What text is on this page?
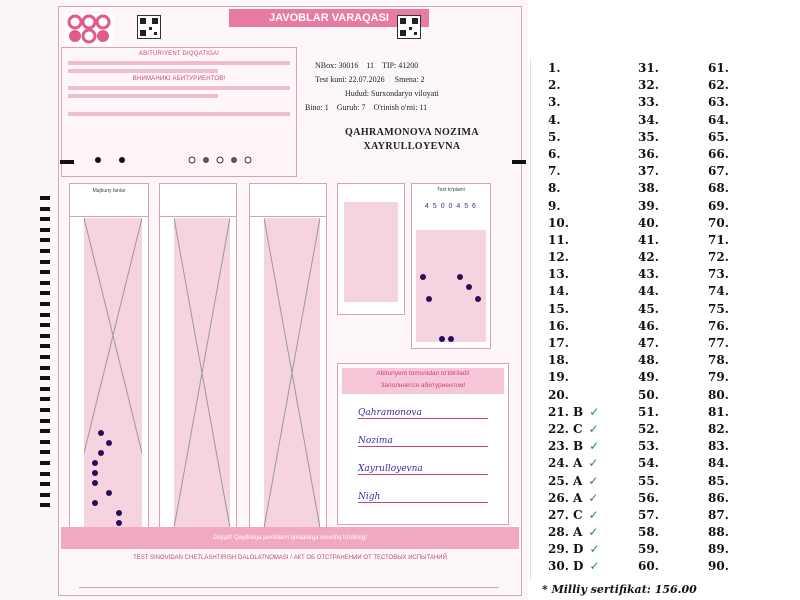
JAVOBLAR VARAQASI
ABITURIYENT DIQQATIGA!
ВНИМАНИЮ АБИТУРИЕНТОВ!
NBox: 30016 11 TIP: 41200
Test kuni: 22.07.2026 Smena: 2
Hudud: Surxondaryo viloyati
Bino: 1 Guruh: 7 O'rinish o'rni: 11
QAHRAMONOVA NOZIMA
XAYRULLOYEVNA
Majburiy fanlar	Test to'plami
4 5 0 0 4 5 6
Abituriyent tomonidan to'ldiriladi!
Заполняется абитуриентом!
Qahramonova
Nozima
Xayrulloyevna
Nigh
Diqqat! Qaydlarga javoblarni qoidalarga muvofiq to'ldiring!
TEST SINOVIDAN CHETLASHTIRISH DALOLATNOMASI / АКТ ОБ ОТСТРАНЕНИИ ОТ ТЕСТОВЫХ ИСПЫТАНИЙ
1.
2.
3.
4.
5.
6.
7.
8.
9.
10.
11.
12.
13.
14.
15.
16.
17.
18.
19.
20.
21. B ✓
22. C ✓
23. B ✓
24. A ✓
25. A ✓
26. A ✓
27. C ✓
28. A ✓
29. D ✓
30. D ✓
31.
32.
33.
34.
35.
36.
37.
38.
39.
40.
41.
42.
43.
44.
45.
46.
47.
48.
49.
50.
51.
52.
53.
54.
55.
56.
57.
58.
59.
60.
61.
62.
63.
64.
65.
66.
67.
68.
69.
70.
71.
72.
73.
74.
75.
76.
77.
78.
79.
80.
81.
82.
83.
84.
85.
86.
87.
88.
89.
90.
* Milliy sertifikat: 156.00
